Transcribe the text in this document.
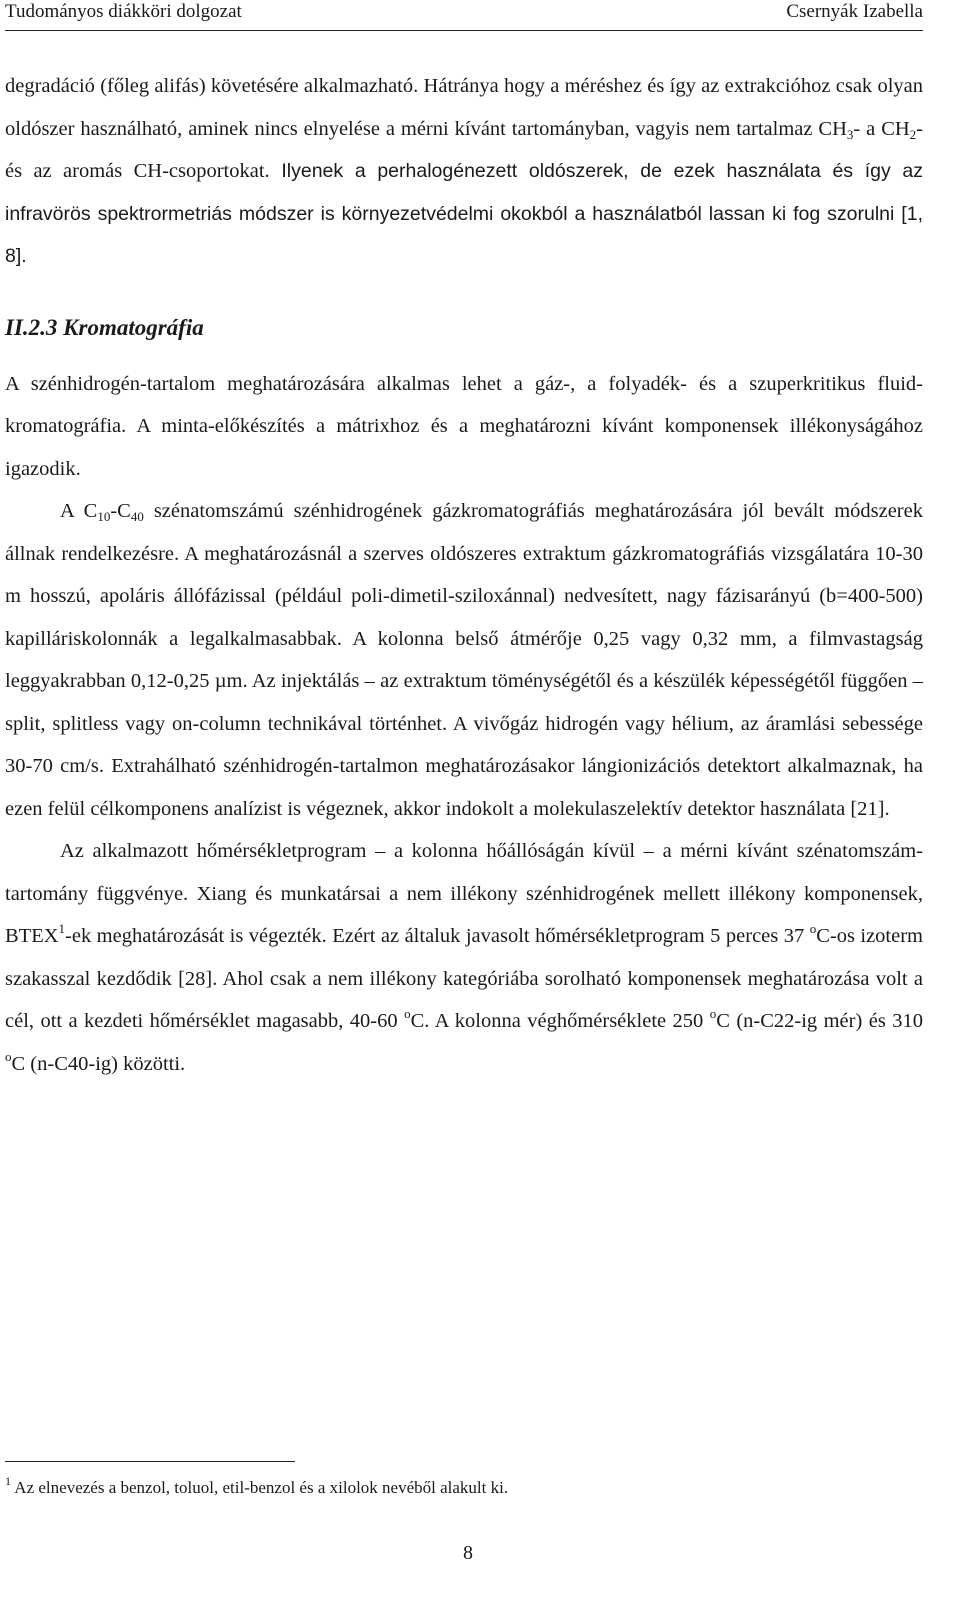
Tudományos diákköri dolgozat	Csernyák Izabella

degradáció (főleg alifás) követésére alkalmazható. Hátránya hogy a méréshez és így az extrakcióhoz csak olyan oldószer használható, aminek nincs elnyelése a mérni kívánt tartományban, vagyis nem tartalmaz $CH_3-$ a $CH_2-$ és az aromás CH-csoportokat. Ilyenek a perhalogénezett oldószerek, de ezek használata és így az infravörös spektrormetriás módszer is környezetvédelmi okokból a használatból lassan ki fog szorulni [1, 8].

II.2.3 Kromatográfia

A szénhidrogén-tartalom meghatározására alkalmas lehet a gáz-, a folyadék- és a szuperkritikus fluid-kromatográfia. A minta-előkészítés a mátrixhoz és a meghatározni kívánt komponensek illékonyságához igazodik.

A $C_{10}-C_{40}$ szénatomszámú szénhidrogének gázkromatográfiás meghatározására jól bevált módszerek állnak rendelkezésre. A meghatározásnál a szerves oldószeres extraktum gázkromatográfiás vizsgálatára 10-30 m hosszú, apoláris állófázissal (például poli-dimetil-sziloxánnal) nedvesített, nagy fázisarányú (b=400-500) kapilláriskolonnák a legalkalmasabbak. A kolonna belső átmérője 0,25 vagy 0,32 mm, a filmvastagság leggyakrabban 0,12-0,25 µm. Az injektálás – az extraktum töménységétől és a készülék képességétől függően – split, splitless vagy on-column technikával történhet. A vivőgáz hidrogén vagy hélium, az áramlási sebessége 30-70 cm/s. Extrahálható szénhidrogén-tartalmon meghatározásakor lángionizációs detektort alkalmaznak, ha ezen felül célkomponens analízist is végeznek, akkor indokolt a molekulaszelektív detektor használata [21].

Az alkalmazott hőmérsékletprogram – a kolonna hőállóságán kívül – a mérni kívánt szénatomszám-tartomány függvénye. Xiang és munkatársai a nem illékony szénhidrogének mellett illékony komponensek, BTEX$^1$-ek meghatározását is végezték. Ezért az általuk javasolt hőmérsékletprogram 5 perces 37 $^o$C-os izoterm szakasszal kezdődik [28]. Ahol csak a nem illékony kategóriába sorolható komponensek meghatározása volt a cél, ott a kezdeti hőmérséklet magasabb, 40-60 $^o$C. A kolonna véghőmérséklete 250 $^o$C (n-C22-ig mér) és 310 $^o$C (n-C40-ig) közötti.

$^1$ Az elnevezés a benzol, toluol, etil-benzol és a xilolok nevéből alakult ki.
8
